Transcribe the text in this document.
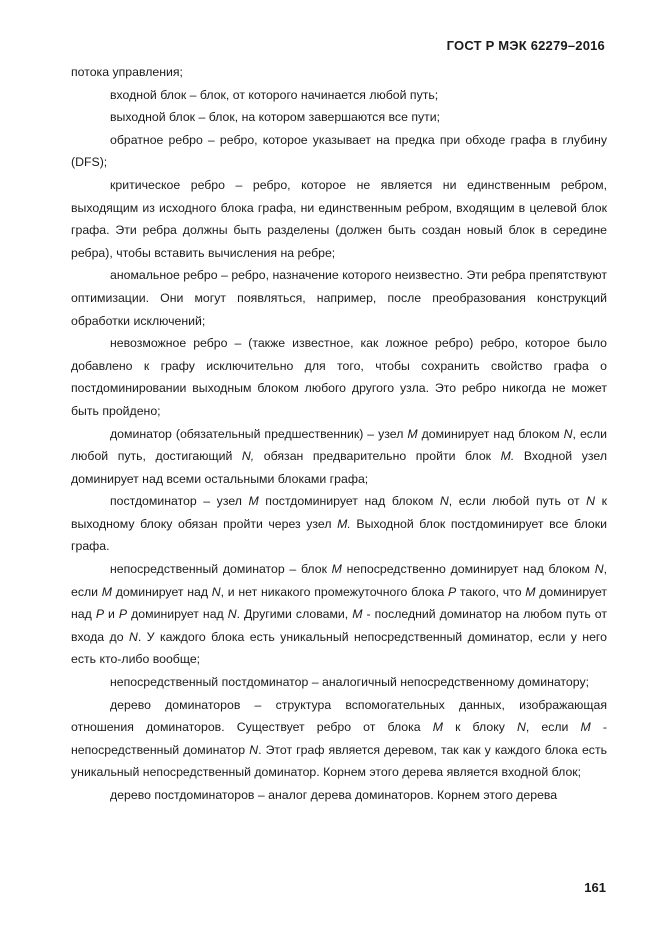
ГОСТ Р МЭК 62279–2016

потока управления;

входной блок – блок, от которого начинается любой путь;

выходной блок – блок, на котором завершаются все пути;

обратное ребро – ребро, которое указывает на предка при обходе графа в глубину (DFS);

критическое ребро – ребро, которое не является ни единственным ребром, выходящим из исходного блока графа, ни единственным ребром, входящим в целевой блок графа. Эти ребра должны быть разделены (должен быть создан новый блок в середине ребра), чтобы вставить вычисления на ребре;

аномальное ребро – ребро, назначение которого неизвестно. Эти ребра препятствуют оптимизации. Они могут появляться, например, после преобразования конструкций обработки исключений;

невозможное ребро – (также известное, как ложное ребро) ребро, которое было добавлено к графу исключительно для того, чтобы сохранить свойство графа о постдоминировании выходным блоком любого другого узла. Это ребро никогда не может быть пройдено;

доминатор (обязательный предшественник) – узел M доминирует над блоком N, если любой путь, достигающий N, обязан предварительно пройти блок M. Входной узел доминирует над всеми остальными блоками графа;

постдоминатор – узел M постдоминирует над блоком N, если любой путь от N к выходному блоку обязан пройти через узел M. Выходной блок постдоминирует все блоки графа.

непосредственный доминатор – блок M непосредственно доминирует над блоком N, если M доминирует над N, и нет никакого промежуточного блока P такого, что M доминирует над P и P доминирует над N. Другими словами, M - последний доминатор на любом путь от входа до N. У каждого блока есть уникальный непосредственный доминатор, если у него есть кто-либо вообще;

непосредственный постдоминатор – аналогичный непосредственному доминатору;

дерево доминаторов – структура вспомогательных данных, изображающая отношения доминаторов. Существует ребро от блока M к блоку N, если M - непосредственный доминатор N. Этот граф является деревом, так как у каждого блока есть уникальный непосредственный доминатор. Корнем этого дерева является входной блок;

дерево постдоминаторов – аналог дерева доминаторов. Корнем этого дерева

161
